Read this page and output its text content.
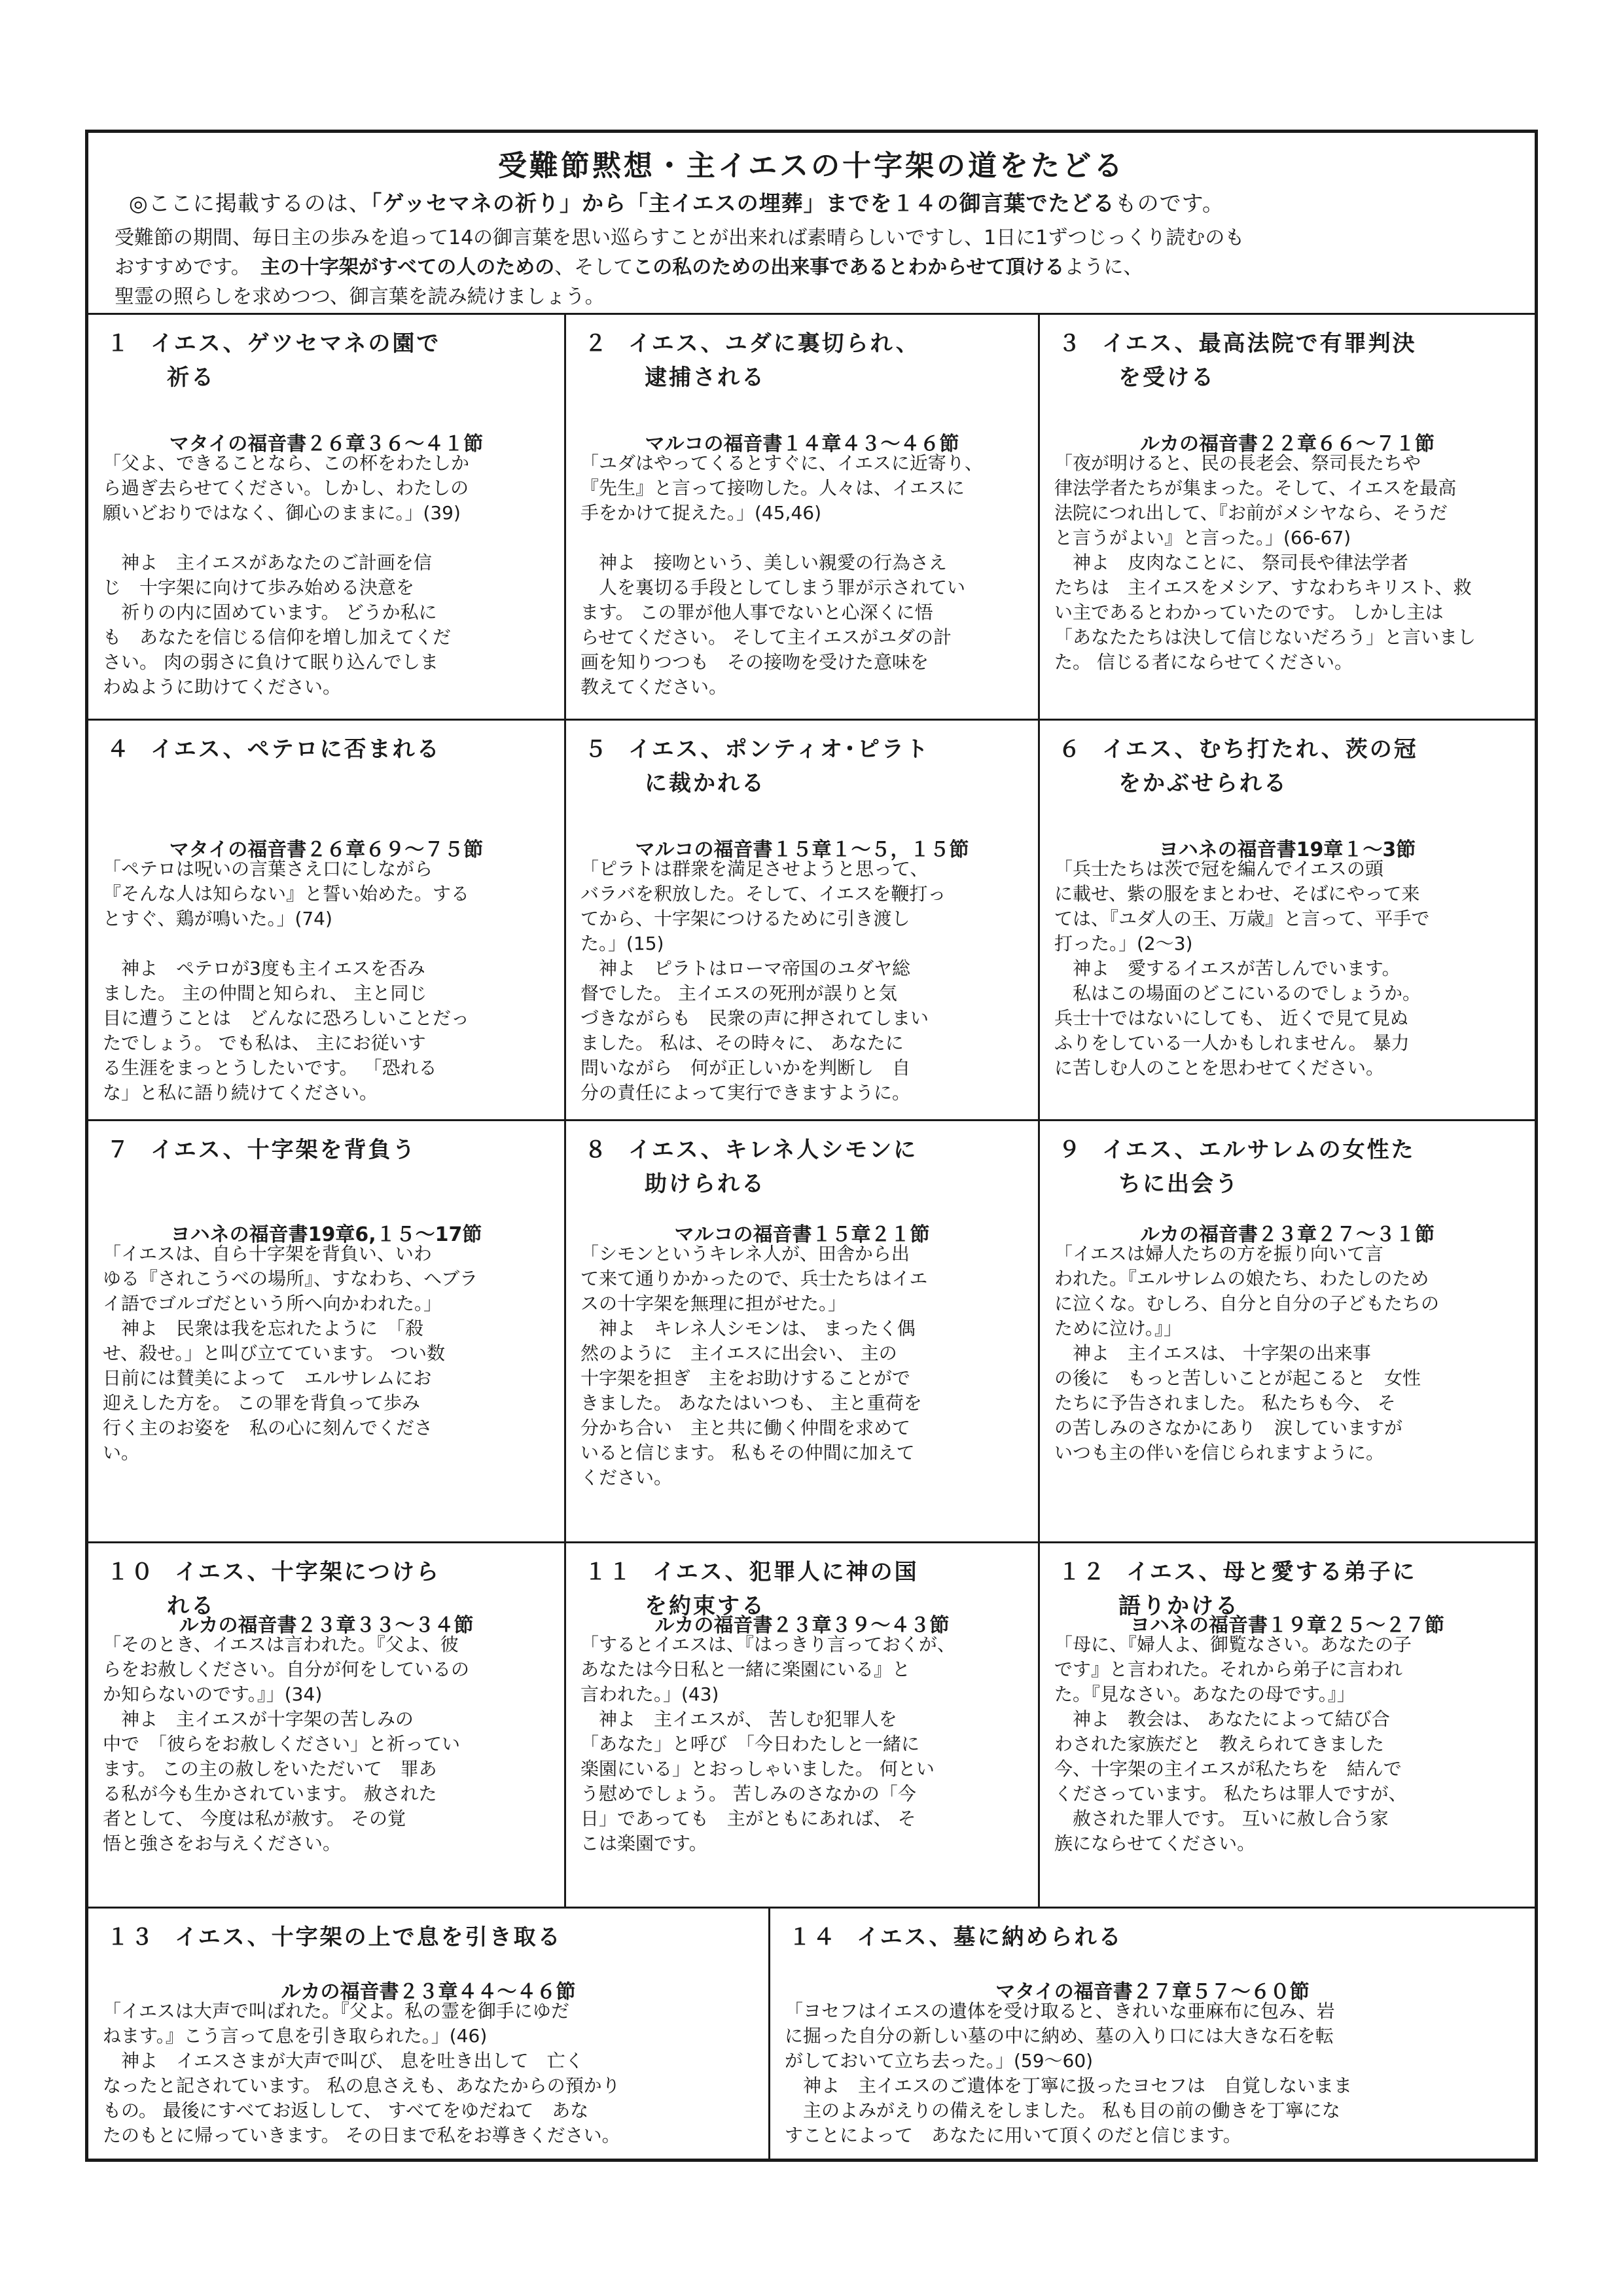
受難節黙想・主イエスの十字架の道をたどる
◎ここに掲載するのは、「ゲッセマネの祈り」から「主イエスの埋葬」までを１４の御言葉でたどるものです。
受難節の期間、毎日主の歩みを追って14の御言葉を思い巡らすことが出来れば素晴らしいですし、1日に1ずつじっくり読むのも
おすすめです。　主の十字架がすべての人のための、そしてこの私のための出来事であるとわからせて頂けるように、
聖霊の照らしを求めつつ、御言葉を読み続けましょう。
１ イエス、ゲツセマネの園で
祈る
マタイの福音書２６章３６～４１節
「父よ、できることなら、この杯をわたしか
ら過ぎ去らせてください。しかし、わたしの
願いどおりではなく、御心のままに。」(39)
　神よ　主イエスがあなたのご計画を信
じ　十字架に向けて歩み始める決意を
　祈りの内に固めています。 どうか私に
も　あなたを信じる信仰を増し加えてくだ
さい。 肉の弱さに負けて眠り込んでしま
わぬように助けてください。
２ イエス、ユダに裏切られ、
逮捕される
マルコの福音書１４章４３～４６節
「ユダはやってくるとすぐに、イエスに近寄り、
『先生』と言って接吻した。人々は、イエスに
手をかけて捉えた。」(45,46)
　神よ　接吻という、美しい親愛の行為さえ
　人を裏切る手段としてしまう罪が示されてい
ます。 この罪が他人事でないと心深くに悟
らせてください。 そして主イエスがユダの計
画を知りつつも　その接吻を受けた意味を
教えてください。
３ イエス、最高法院で有罪判決
を受ける
ルカの福音書２２章６６～７１節
「夜が明けると、民の長老会、祭司長たちや
律法学者たちが集まった。そして、イエスを最高
法院につれ出して、『お前がメシヤなら、そうだ
と言うがよい』と言った。」(66-67)
　神よ　皮肉なことに、 祭司長や律法学者
たちは　主イエスをメシア、すなわちキリスト、救
い主であるとわかっていたのです。 しかし主は
「あなたたちは決して信じないだろう」と言いまし
た。 信じる者にならせてください。
４ イエス、ペテロに否まれる
マタイの福音書２６章６９～７５節
「ペテロは呪いの言葉さえ口にしながら
『そんな人は知らない』と誓い始めた。する
とすぐ、鶏が鳴いた。」(74)
　神よ　ペテロが3度も主イエスを否み
ました。 主の仲間と知られ、 主と同じ
目に遭うことは　どんなに恐ろしいことだっ
たでしょう。 でも私は、 主にお従いす
る生涯をまっとうしたいです。 「恐れる
な」と私に語り続けてください。
５ イエス、ポンティオ･ピラト
に裁かれる
マルコの福音書１５章１～５，１５節
「ピラトは群衆を満足させようと思って、
バラバを釈放した。そして、イエスを鞭打っ
てから、十字架につけるために引き渡し
た。」(15)
　神よ　ピラトはローマ帝国のユダヤ総
督でした。 主イエスの死刑が誤りと気
づきながらも　民衆の声に押されてしまい
ました。 私は、その時々に、 あなたに
問いながら　何が正しいかを判断し　自
分の責任によって実行できますように。
６ イエス、むち打たれ、茨の冠
をかぶせられる
ヨハネの福音書19章１～3節
「兵士たちは茨で冠を編んでイエスの頭
に載せ、紫の服をまとわせ、そばにやって来
ては、『ユダ人の王、万歳』と言って、平手で
打った。」(2～3)
　神よ　愛するイエスが苦しんでいます。
　私はこの場面のどこにいるのでしょうか。
兵士十ではないにしても、 近くで見て見ぬ
ふりをしている一人かもしれません。 暴力
に苦しむ人のことを思わせてください。
７ イエス、十字架を背負う
ヨハネの福音書19章6,１５～17節
「イエスは、自ら十字架を背負い、いわ
ゆる『されこうべの場所』、すなわち、ヘブラ
イ語でゴルゴだという所へ向かわれた。」
　神よ　民衆は我を忘れたように　「殺
せ、殺せ。」と叫び立てています。 つい数
日前には賛美によって　エルサレムにお
迎えした方を。 この罪を背負って歩み
行く主のお姿を　私の心に刻んでくださ
い。
８ イエス、キレネ人シモンに
助けられる
マルコの福音書１５章２１節
「シモンというキレネ人が、田舎から出
て来て通りかかったので、兵士たちはイエ
スの十字架を無理に担がせた。」
　神よ　キレネ人シモンは、 まったく偶
然のように　主イエスに出会い、 主の
十字架を担ぎ　主をお助けすることがで
きました。 あなたはいつも、 主と重荷を
分かち合い　主と共に働く仲間を求めて
いると信じます。 私もその仲間に加えて
ください。
９ イエス、エルサレムの女性た
ちに出会う
ルカの福音書２３章２７～３１節
「イエスは婦人たちの方を振り向いて言
われた。『エルサレムの娘たち、わたしのため
に泣くな。むしろ、自分と自分の子どもたちの
ために泣け。』」
　神よ　主イエスは、 十字架の出来事
の後に　もっと苦しいことが起こると　女性
たちに予告されました。 私たちも今、 そ
の苦しみのさなかにあり　涙していますが
いつも主の伴いを信じられますように。
１０ イエス、十字架につけら
れる
ルカの福音書２３章３３～３４節
「そのとき、イエスは言われた。『父よ、彼
らをお赦しください。自分が何をしているの
か知らないのです。』」(34)
　神よ　主イエスが十字架の苦しみの
中で　「彼らをお赦しください」と祈ってい
ます。 この主の赦しをいただいて　罪あ
る私が今も生かされています。 赦された
者として、 今度は私が赦す。 その覚
悟と強さをお与えください。
１１ イエス、犯罪人に神の国
を約束する
ルカの福音書２３章３９～４３節
「するとイエスは、『はっきり言っておくが、
あなたは今日私と一緒に楽園にいる』と
言われた。」(43)
　神よ　主イエスが、 苦しむ犯罪人を
「あなた」と呼び　「今日わたしと一緒に
楽園にいる」とおっしゃいました。 何とい
う慰めでしょう。 苦しみのさなかの「今
日」であっても　主がともにあれば、 そ
こは楽園です。
１２ イエス、母と愛する弟子に
語りかける
ヨハネの福音書１９章２５～２７節
「母に、『婦人よ、御覧なさい。あなたの子
です』と言われた。それから弟子に言われ
た。『見なさい。あなたの母です。』」
　神よ　教会は、 あなたによって結び合
わされた家族だと　教えられてきました
今、十字架の主イエスが私たちを　結んで
くださっています。 私たちは罪人ですが、
　赦された罪人です。 互いに赦し合う家
族にならせてください。
１３ イエス、十字架の上で息を引き取る
ルカの福音書２３章４４～４６節
「イエスは大声で叫ばれた。『父よ。私の霊を御手にゆだ
ねます。』こう言って息を引き取られた。」(46)
　神よ　イエスさまが大声で叫び、 息を吐き出して　亡く
なったと記されています。 私の息さえも、あなたからの預かり
もの。 最後にすべてお返しして、 すべてをゆだねて　あな
たのもとに帰っていきます。 その日まで私をお導きください。
１４ イエス、墓に納められる
マタイの福音書２７章５７～６０節
「ヨセフはイエスの遺体を受け取ると、きれいな亜麻布に包み、岩
に掘った自分の新しい墓の中に納め、墓の入り口には大きな石を転
がしておいて立ち去った。」(59～60)
　神よ　主イエスのご遺体を丁寧に扱ったヨセフは　自覚しないまま
　主のよみがえりの備えをしました。 私も目の前の働きを丁寧にな
すことによって　あなたに用いて頂くのだと信じます。
